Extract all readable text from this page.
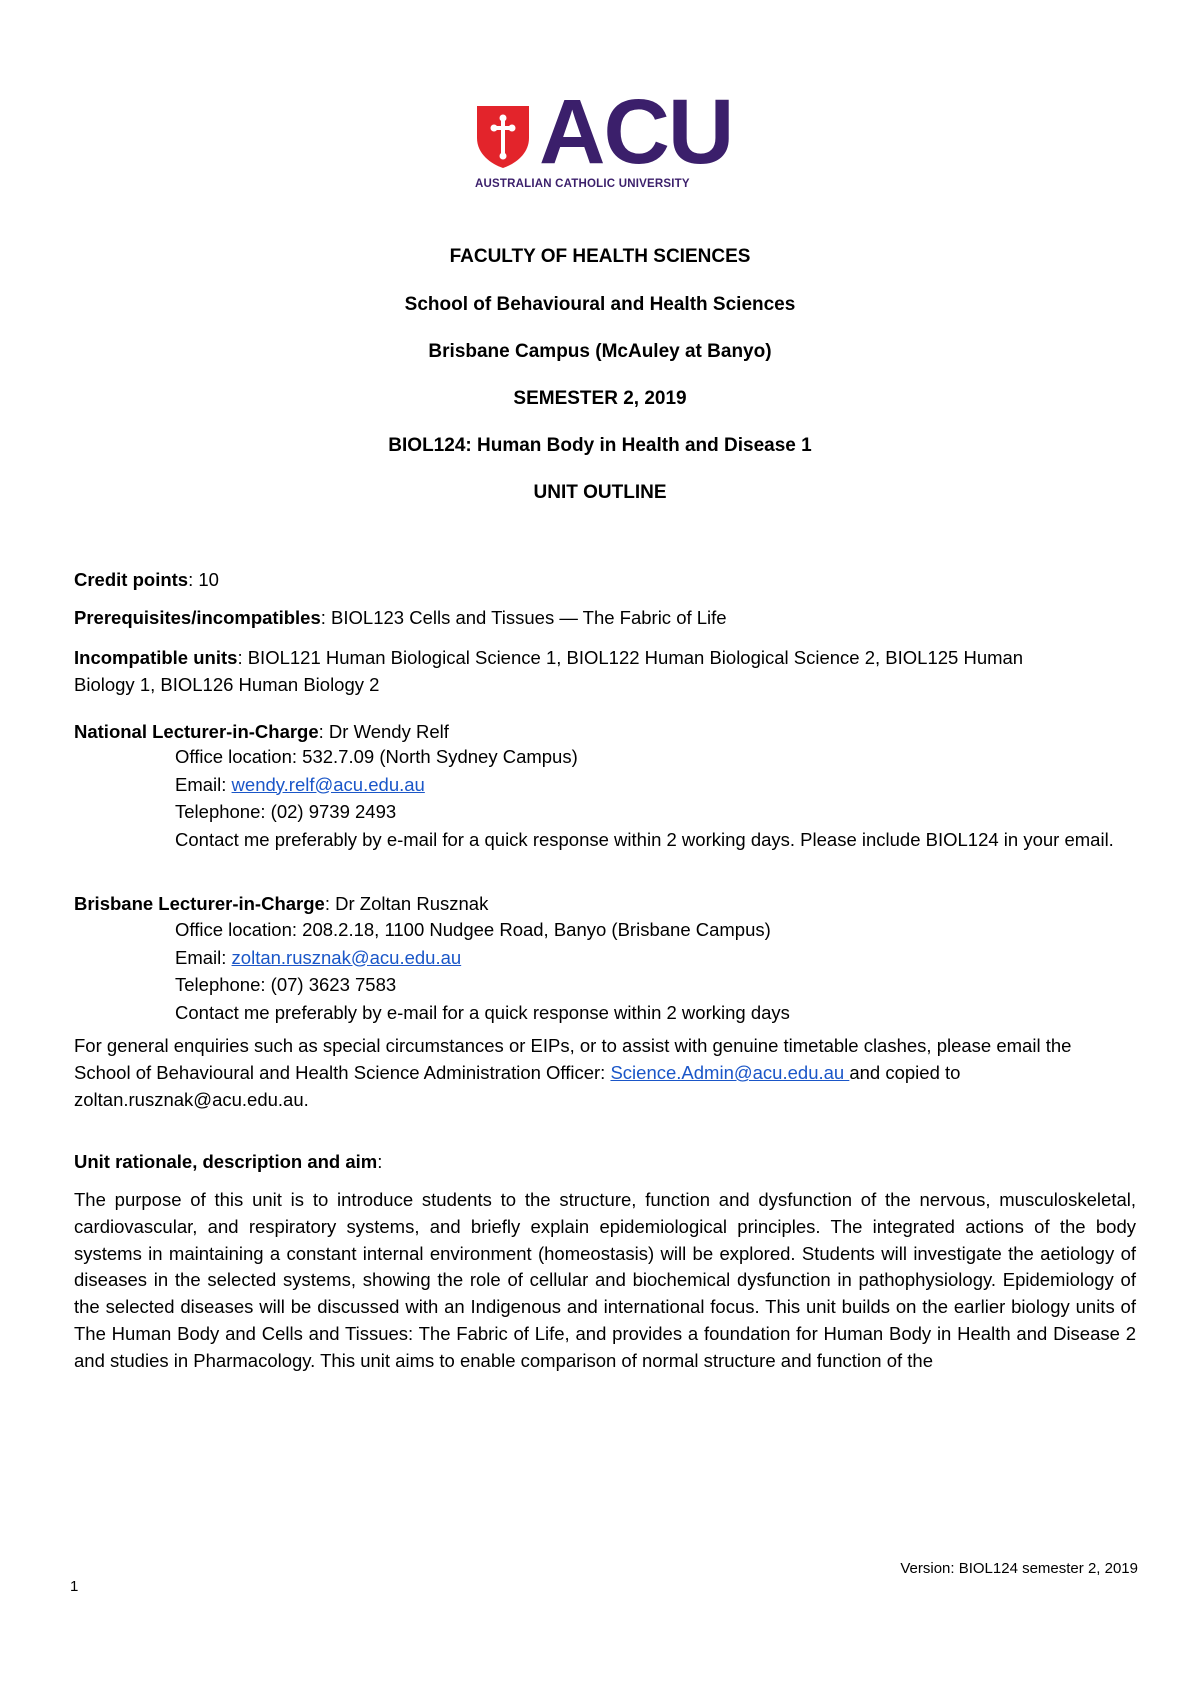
ACU
AUSTRALIAN CATHOLIC UNIVERSITY
FACULTY OF HEALTH SCIENCES
School of Behavioural and Health Sciences
Brisbane Campus (McAuley at Banyo)
SEMESTER 2, 2019
BIOL124: Human Body in Health and Disease 1
UNIT OUTLINE
Credit points: 10
Prerequisites/incompatibles: BIOL123 Cells and Tissues — The Fabric of Life
Incompatible units: BIOL121 Human Biological Science 1, BIOL122 Human Biological Science 2, BIOL125 Human Biology 1, BIOL126 Human Biology 2
National Lecturer-in-Charge: Dr Wendy Relf
Office location: 532.7.09 (North Sydney Campus)
Email: wendy.relf@acu.edu.au
Telephone: (02) 9739 2493
Contact me preferably by e-mail for a quick response within 2 working days. Please include BIOL124 in your email.
Brisbane Lecturer-in-Charge: Dr Zoltan Rusznak
Office location: 208.2.18, 1100 Nudgee Road, Banyo (Brisbane Campus)
Email: zoltan.rusznak@acu.edu.au
Telephone: (07) 3623 7583
Contact me preferably by e-mail for a quick response within 2 working days
For general enquiries such as special circumstances or EIPs, or to assist with genuine timetable clashes, please email the School of Behavioural and Health Science Administration Officer: Science.Admin@acu.edu.au and copied to zoltan.rusznak@acu.edu.au.
Unit rationale, description and aim:
The purpose of this unit is to introduce students to the structure, function and dysfunction of the nervous, musculoskeletal, cardiovascular, and respiratory systems, and briefly explain epidemiological principles. The integrated actions of the body systems in maintaining a constant internal environment (homeostasis) will be explored. Students will investigate the aetiology of diseases in the selected systems, showing the role of cellular and biochemical dysfunction in pathophysiology. Epidemiology of the selected diseases will be discussed with an Indigenous and international focus. This unit builds on the earlier biology units of The Human Body and Cells and Tissues: The Fabric of Life, and provides a foundation for Human Body in Health and Disease 2 and studies in Pharmacology. This unit aims to enable comparison of normal structure and function of the
Version: BIOL124 semester 2, 2019
1
